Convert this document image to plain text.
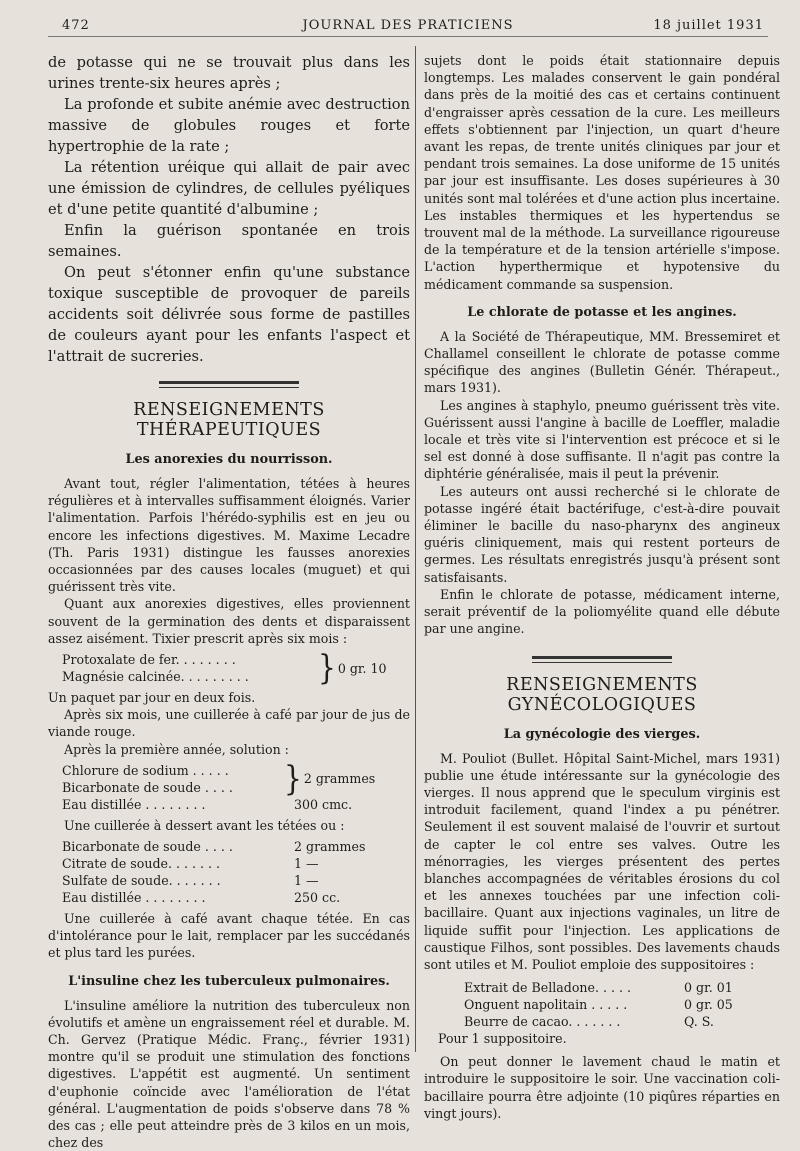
472	JOURNAL DES PRATICIENS	18 juillet 1931

de potasse qui ne se trouvait plus dans les urines trente-six heures après ;

La profonde et subite anémie avec destruction massive de globules rouges et forte hypertrophie de la rate ;

La rétention uréique qui allait de pair avec une émission de cylindres, de cellules pyéliques et d'une petite quantité d'albumine ;

Enfin la guérison spontanée en trois semaines.

On peut s'étonner enfin qu'une substance toxique susceptible de provoquer de pareils accidents soit délivrée sous forme de pastilles de couleurs ayant pour les enfants l'aspect et l'attrait de sucreries.

RENSEIGNEMENTS THÉRAPEUTIQUES
Les anorexies du nourrisson.

Avant tout, régler l'alimentation, tétées à heures régulières et à intervalles suffisamment éloignés. Varier l'alimentation. Parfois l'hérédo-syphilis est en jeu ou encore les infections digestives. M. Maxime Lecadre (Th. Paris 1931) distingue les fausses anorexies occasionnées par des causes locales (muguet) et qui guérissent très vite.

Quant aux anorexies digestives, elles proviennent souvent de la germination des dents et disparaissent assez aisément. Tixier prescrit après six mois :

Protoxalate de fer. . . . . . . .
Magnésie calcinée. . . . . . . . .	} 0 gr. 10

Un paquet par jour en deux fois.

Après six mois, une cuillerée à café par jour de jus de viande rouge.

Après la première année, solution :

Chlorure de sodium . . . . .
Bicarbonate de soude . . . .	} 2 grammes
Eau distillée . . . . . . . .	300 cmc.

Une cuillerée à dessert avant les tétées ou :

Bicarbonate de soude . . . .	2 grammes
Citrate de soude. . . . . . .	1 —
Sulfate de soude. . . . . . .	1 —
Eau distillée . . . . . . . .	250 cc.

Une cuillerée à café avant chaque tétée. En cas d'intolérance pour le lait, remplacer par les succédanés et plus tard les purées.

L'insuline chez les tuberculeux pulmonaires.

L'insuline améliore la nutrition des tuberculeux non évolutifs et amène un engraissement réel et durable. M. Ch. Gervez (Pratique Médic. Franç., février 1931) montre qu'il se produit une stimulation des fonctions digestives. L'appétit est augmenté. Un sentiment d'euphonie coïncide avec l'amélioration de l'état général. L'augmentation de poids s'observe dans 78 % des cas ; elle peut atteindre près de 3 kilos en un mois, chez des

sujets dont le poids était stationnaire depuis longtemps. Les malades conservent le gain pondéral dans près de la moitié des cas et certains continuent d'engraisser après cessation de la cure. Les meilleurs effets s'obtiennent par l'injection, un quart d'heure avant les repas, de trente unités cliniques par jour et pendant trois semaines. La dose uniforme de 15 unités par jour est insuffisante. Les doses supérieures à 30 unités sont mal tolérées et d'une action plus incertaine. Les instables thermiques et les hypertendus se trouvent mal de la méthode. La surveillance rigoureuse de la température et de la tension artérielle s'impose. L'action hyperthermique et hypotensive du médicament commande sa suspension.

Le chlorate de potasse et les angines.

A la Société de Thérapeutique, MM. Bressemiret et Challamel conseillent le chlorate de potasse comme spécifique des angines (Bulletin Génér. Thérapeut., mars 1931).

Les angines à staphylo, pneumo guérissent très vite. Guérissent aussi l'angine à bacille de Loeffler, maladie locale et très vite si l'intervention est précoce et si le sel est donné à dose suffisante. Il n'agit pas contre la diphtérie généralisée, mais il peut la prévenir.

Les auteurs ont aussi recherché si le chlorate de potasse ingéré était bactérifuge, c'est-à-dire pouvait éliminer le bacille du naso-pharynx des angineux guéris cliniquement, mais qui restent porteurs de germes. Les résultats enregistrés jusqu'à présent sont satisfaisants.

Enfin le chlorate de potasse, médicament interne, serait préventif de la poliomyélite quand elle débute par une angine.

RENSEIGNEMENTS GYNÉCOLOGIQUES
La gynécologie des vierges.

M. Pouliot (Bullet. Hôpital Saint-Michel, mars 1931) publie une étude intéressante sur la gynécologie des vierges. Il nous apprend que le speculum virginis est introduit facilement, quand l'index a pu pénétrer. Seulement il est souvent malaisé de l'ouvrir et surtout de capter le col entre ses valves. Outre les ménorragies, les vierges présentent des pertes blanches accompagnées de véritables érosions du col et les annexes touchées par une infection coli-bacillaire. Quant aux injections vaginales, un litre de liquide suffit pour l'injection. Les applications de caustique Filhos, sont possibles. Des lavements chauds sont utiles et M. Pouliot emploie des suppositoires :

Extrait de Belladone. . . . .	0 gr. 01
Onguent napolitain . . . . .	0 gr. 05
Beurre de cacao. . . . . . .	Q. S.
Pour 1 suppositoire.

On peut donner le lavement chaud le matin et introduire le suppositoire le soir. Une vaccination coli-bacillaire pourra être adjointe (10 piqûres réparties en vingt jours).
